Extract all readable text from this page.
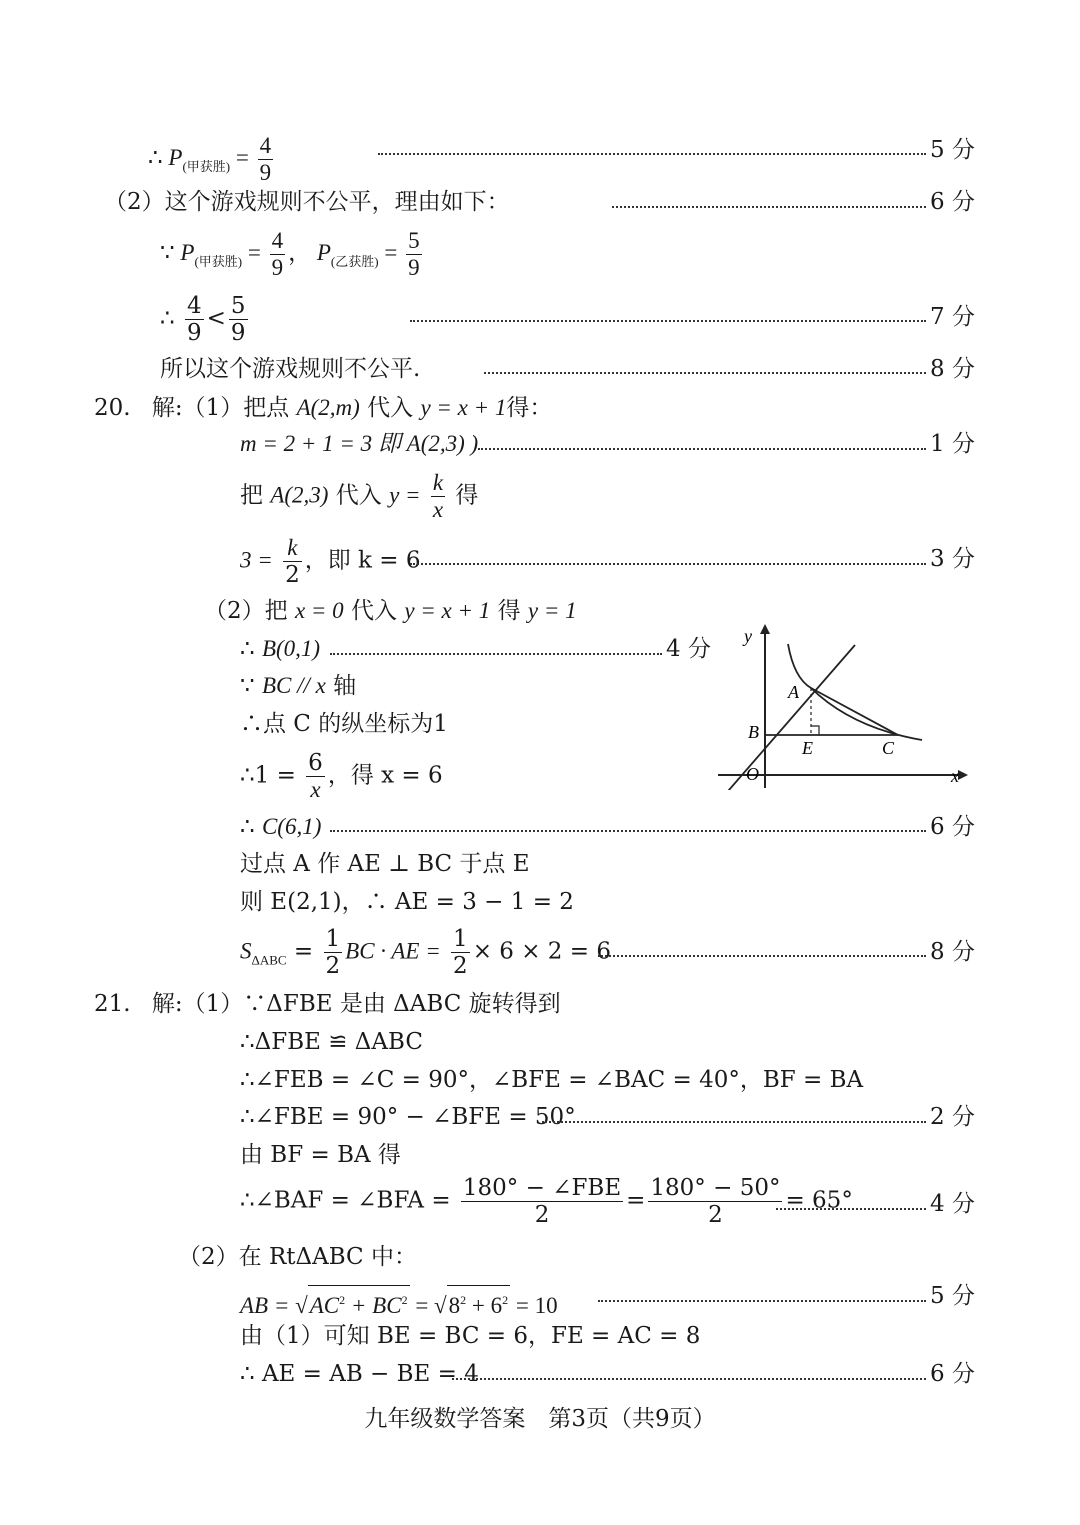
∴ $P_{(甲获胜)} = \frac{4}{9}$	5 分
（2）这个游戏规则不公平，理由如下：	6 分
∵ $P_{(甲获胜)} = \frac{4}{9}$ ， $P_{(乙获胜)} = \frac{5}{9}$
∴ $\frac{4}{9} < \frac{5}{9}$	7 分
所以这个游戏规则不公平.	8 分
20. 解:（1）把点 A(2,m) 代入 y = x + 1得：
m = 2 + 1 = 3 即 A(2,3) )	1 分
把 A(2,3) 代入 $y = \frac{k}{x}$ 得
$3 = \frac{k}{2}$ ，即 k = 6	3 分
（2）把 x = 0 代入 y = x + 1 得 y = 1
∴ B(0,1)	4 分
∵ BC // x 轴
∴点 C 的纵坐标为1
∴1 = $\frac{6}{x}$ ，得 x = 6
∴ C(6,1)	6 分
过点 A 作 AE ⊥ BC 于点 E
则 E(2,1)，∴ AE = 3 − 1 = 2
$S_{\Delta ABC} = \frac{1}{2}$ BC · AE = $\frac{1}{2} \times 6 \times 2 = 6$	8 分
y
x
O
A
B
E	C
21. 解:（1）∵ΔFBE 是由 ΔABC 旋转得到
∴ΔFBE ≌ ΔABC
∴∠FEB = ∠C = 90°，∠BFE = ∠BAC = 40°，BF = BA
∴∠FBE = 90° − ∠BFE = 50°	2 分
由 BF = BA 得
∴∠BAF = ∠BFA = $\frac{\text{180° − ∠FBE}}{2} = \frac{180^\circ - 50^\circ}{2} = 65^\circ$	4 分
（2）在 RtΔABC 中：
AB = $√AC^2 + BC^2 = √8^2 + 6^2 = 10$	5 分
由（1）可知 BE = BC = 6，FE = AC = 8
∴ AE = AB − BE = 4	6 分
九年级数学答案　第3页（共9页）
